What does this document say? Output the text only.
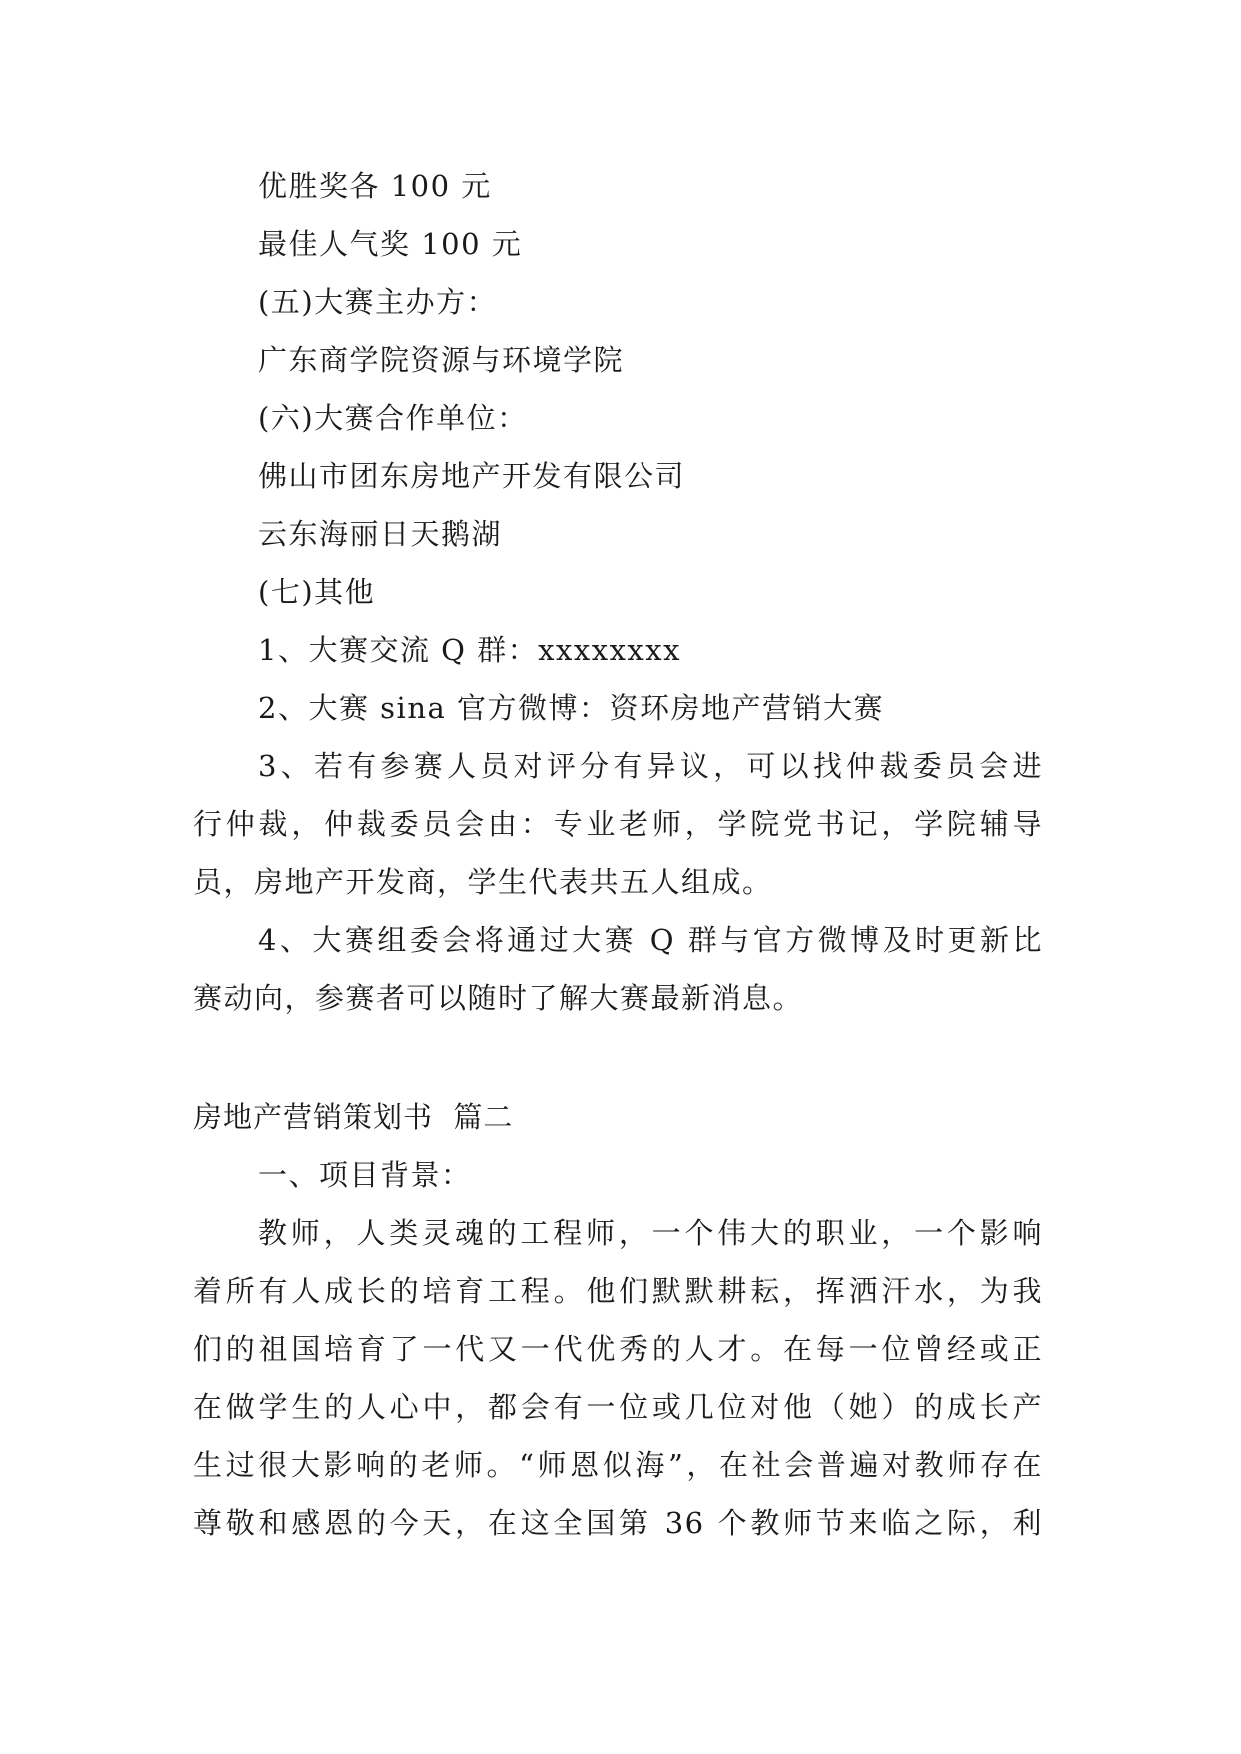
优胜奖各 100 元

最佳人气奖 100 元

(五)大赛主办方：

广东商学院资源与环境学院

(六)大赛合作单位：

佛山市团东房地产开发有限公司

云东海丽日天鹅湖

(七)其他

1、大赛交流 Q 群：xxxxxxxx

2、大赛 sina 官方微博：资环房地产营销大赛

3、若有参赛人员对评分有异议，可以找仲裁委员会进

行仲裁，仲裁委员会由：专业老师，学院党书记，学院辅导

员，房地产开发商，学生代表共五人组成。

4、大赛组委会将通过大赛 Q 群与官方微博及时更新比

赛动向，参赛者可以随时了解大赛最新消息。

房地产营销策划书  篇二

一、项目背景：

教师，人类灵魂的工程师，一个伟大的职业，一个影响

着所有人成长的培育工程。他们默默耕耘，挥洒汗水，为我

们的祖国培育了一代又一代优秀的人才。在每一位曾经或正

在做学生的人心中，都会有一位或几位对他（她）的成长产

生过很大影响的老师。“师恩似海”，在社会普遍对教师存在

尊敬和感恩的今天，在这全国第 36 个教师节来临之际，利
